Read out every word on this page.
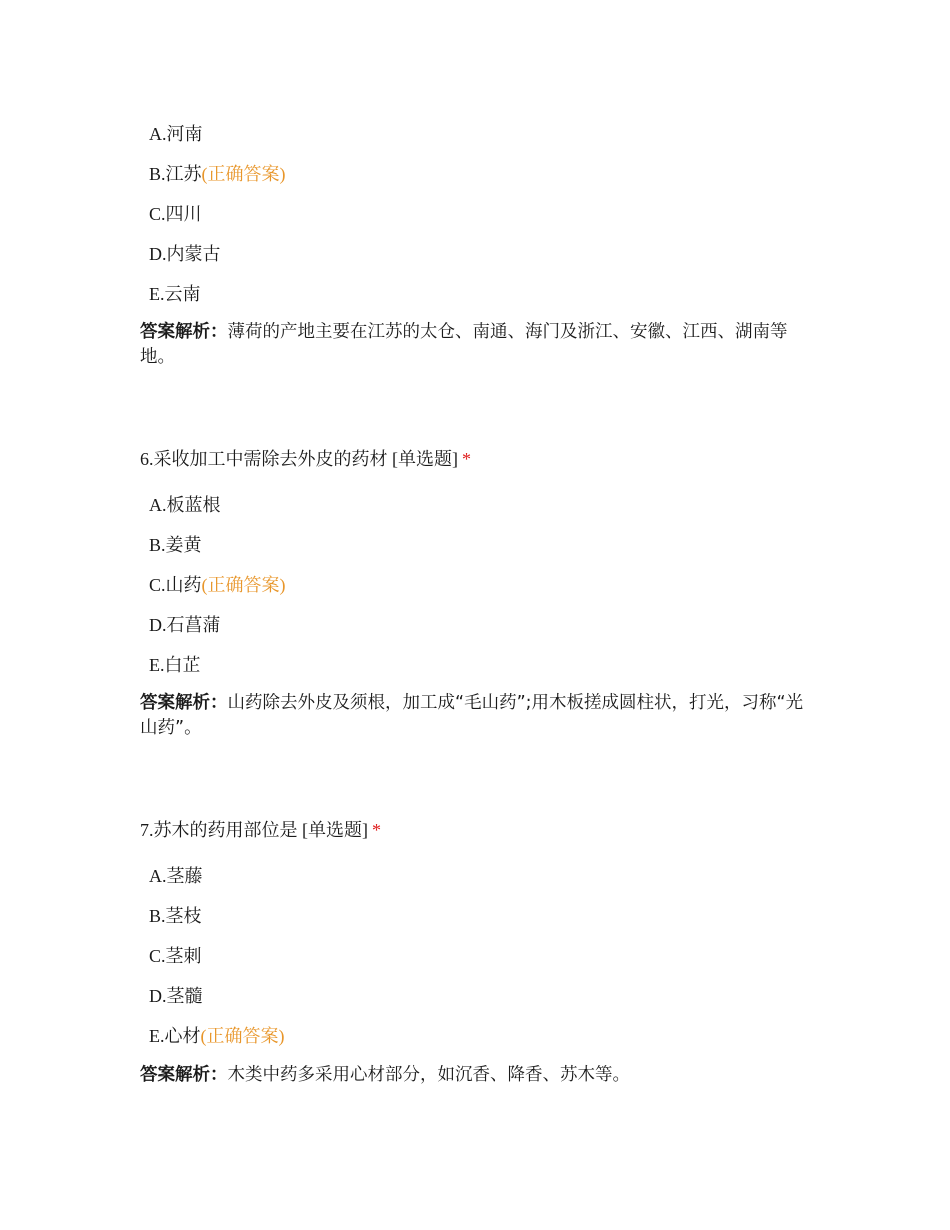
A.河南
B.江苏(正确答案)
C.四川
D.内蒙古
E.云南
答案解析：薄荷的产地主要在江苏的太仓、南通、海门及浙江、安徽、江西、湖南等地。
6.采收加工中需除去外皮的药材 [单选题] *
A.板蓝根
B.姜黄
C.山药(正确答案)
D.石菖蒲
E.白芷
答案解析：山药除去外皮及须根，加工成“毛山药”;用木板搓成圆柱状，打光，习称“光山药”。
7.苏木的药用部位是 [单选题] *
A.茎藤
B.茎枝
C.茎刺
D.茎髓
E.心材(正确答案)
答案解析：木类中药多采用心材部分，如沉香、降香、苏木等。
